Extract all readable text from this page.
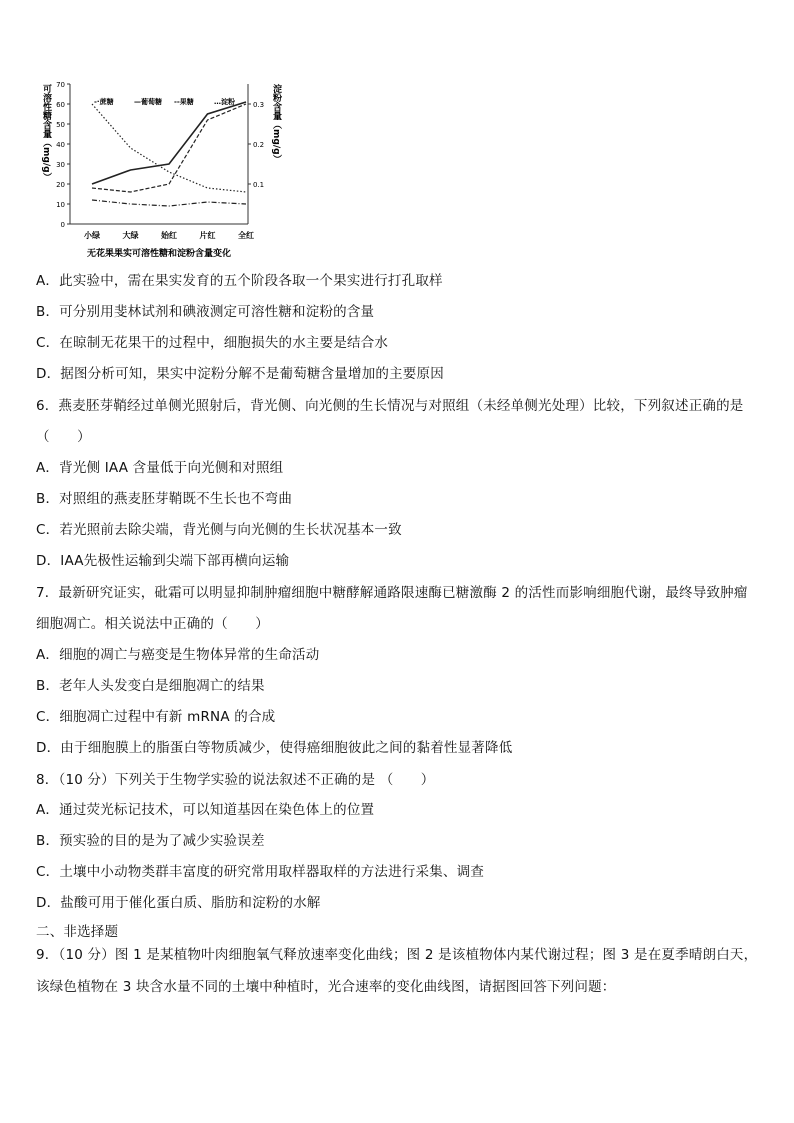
可溶性糖含量（mg/g）	淀粉含量（mg/g）
0
10
20
30
40
50
60
70
0.1
0.2
0.3
小绿	大绿	始红	片红	全红
-·蔗糖	—葡萄糖 --果糖	…淀粉
无花果果实可溶性糖和淀粉含量变化
A．此实验中，需在果实发育的五个阶段各取一个果实进行打孔取样
B．可分别用斐林试剂和碘液测定可溶性糖和淀粉的含量
C．在晾制无花果干的过程中，细胞损失的水主要是结合水
D．据图分析可知，果实中淀粉分解不是葡萄糖含量增加的主要原因
6．燕麦胚芽鞘经过单侧光照射后，背光侧、向光侧的生长情况与对照组（未经单侧光处理）比较，下列叙述正确的是
（　　）
A．背光侧 IAA 含量低于向光侧和对照组
B．对照组的燕麦胚芽鞘既不生长也不弯曲
C．若光照前去除尖端，背光侧与向光侧的生长状况基本一致
D．IAA先极性运输到尖端下部再横向运输
7．最新研究证实，砒霜可以明显抑制肿瘤细胞中糖酵解通路限速酶已糖激酶 2 的活性而影响细胞代谢，最终导致肿瘤
细胞凋亡。相关说法中正确的（　　）
A．细胞的凋亡与癌变是生物体异常的生命活动
B．老年人头发变白是细胞凋亡的结果
C．细胞凋亡过程中有新 mRNA 的合成
D．由于细胞膜上的脂蛋白等物质减少，使得癌细胞彼此之间的黏着性显著降低
8．（10 分）下列关于生物学实验的说法叙述不正确的是 （　　）
A．通过荧光标记技术，可以知道基因在染色体上的位置
B．预实验的目的是为了减少实验误差
C．土壤中小动物类群丰富度的研究常用取样器取样的方法进行采集、调查
D．盐酸可用于催化蛋白质、脂肪和淀粉的水解
二、非选择题
9．（10 分）图 1 是某植物叶肉细胞氧气释放速率变化曲线；图 2 是该植物体内某代谢过程；图 3 是在夏季晴朗白天，
该绿色植物在 3 块含水量不同的土壤中种植时，光合速率的变化曲线图，请据图回答下列问题：
